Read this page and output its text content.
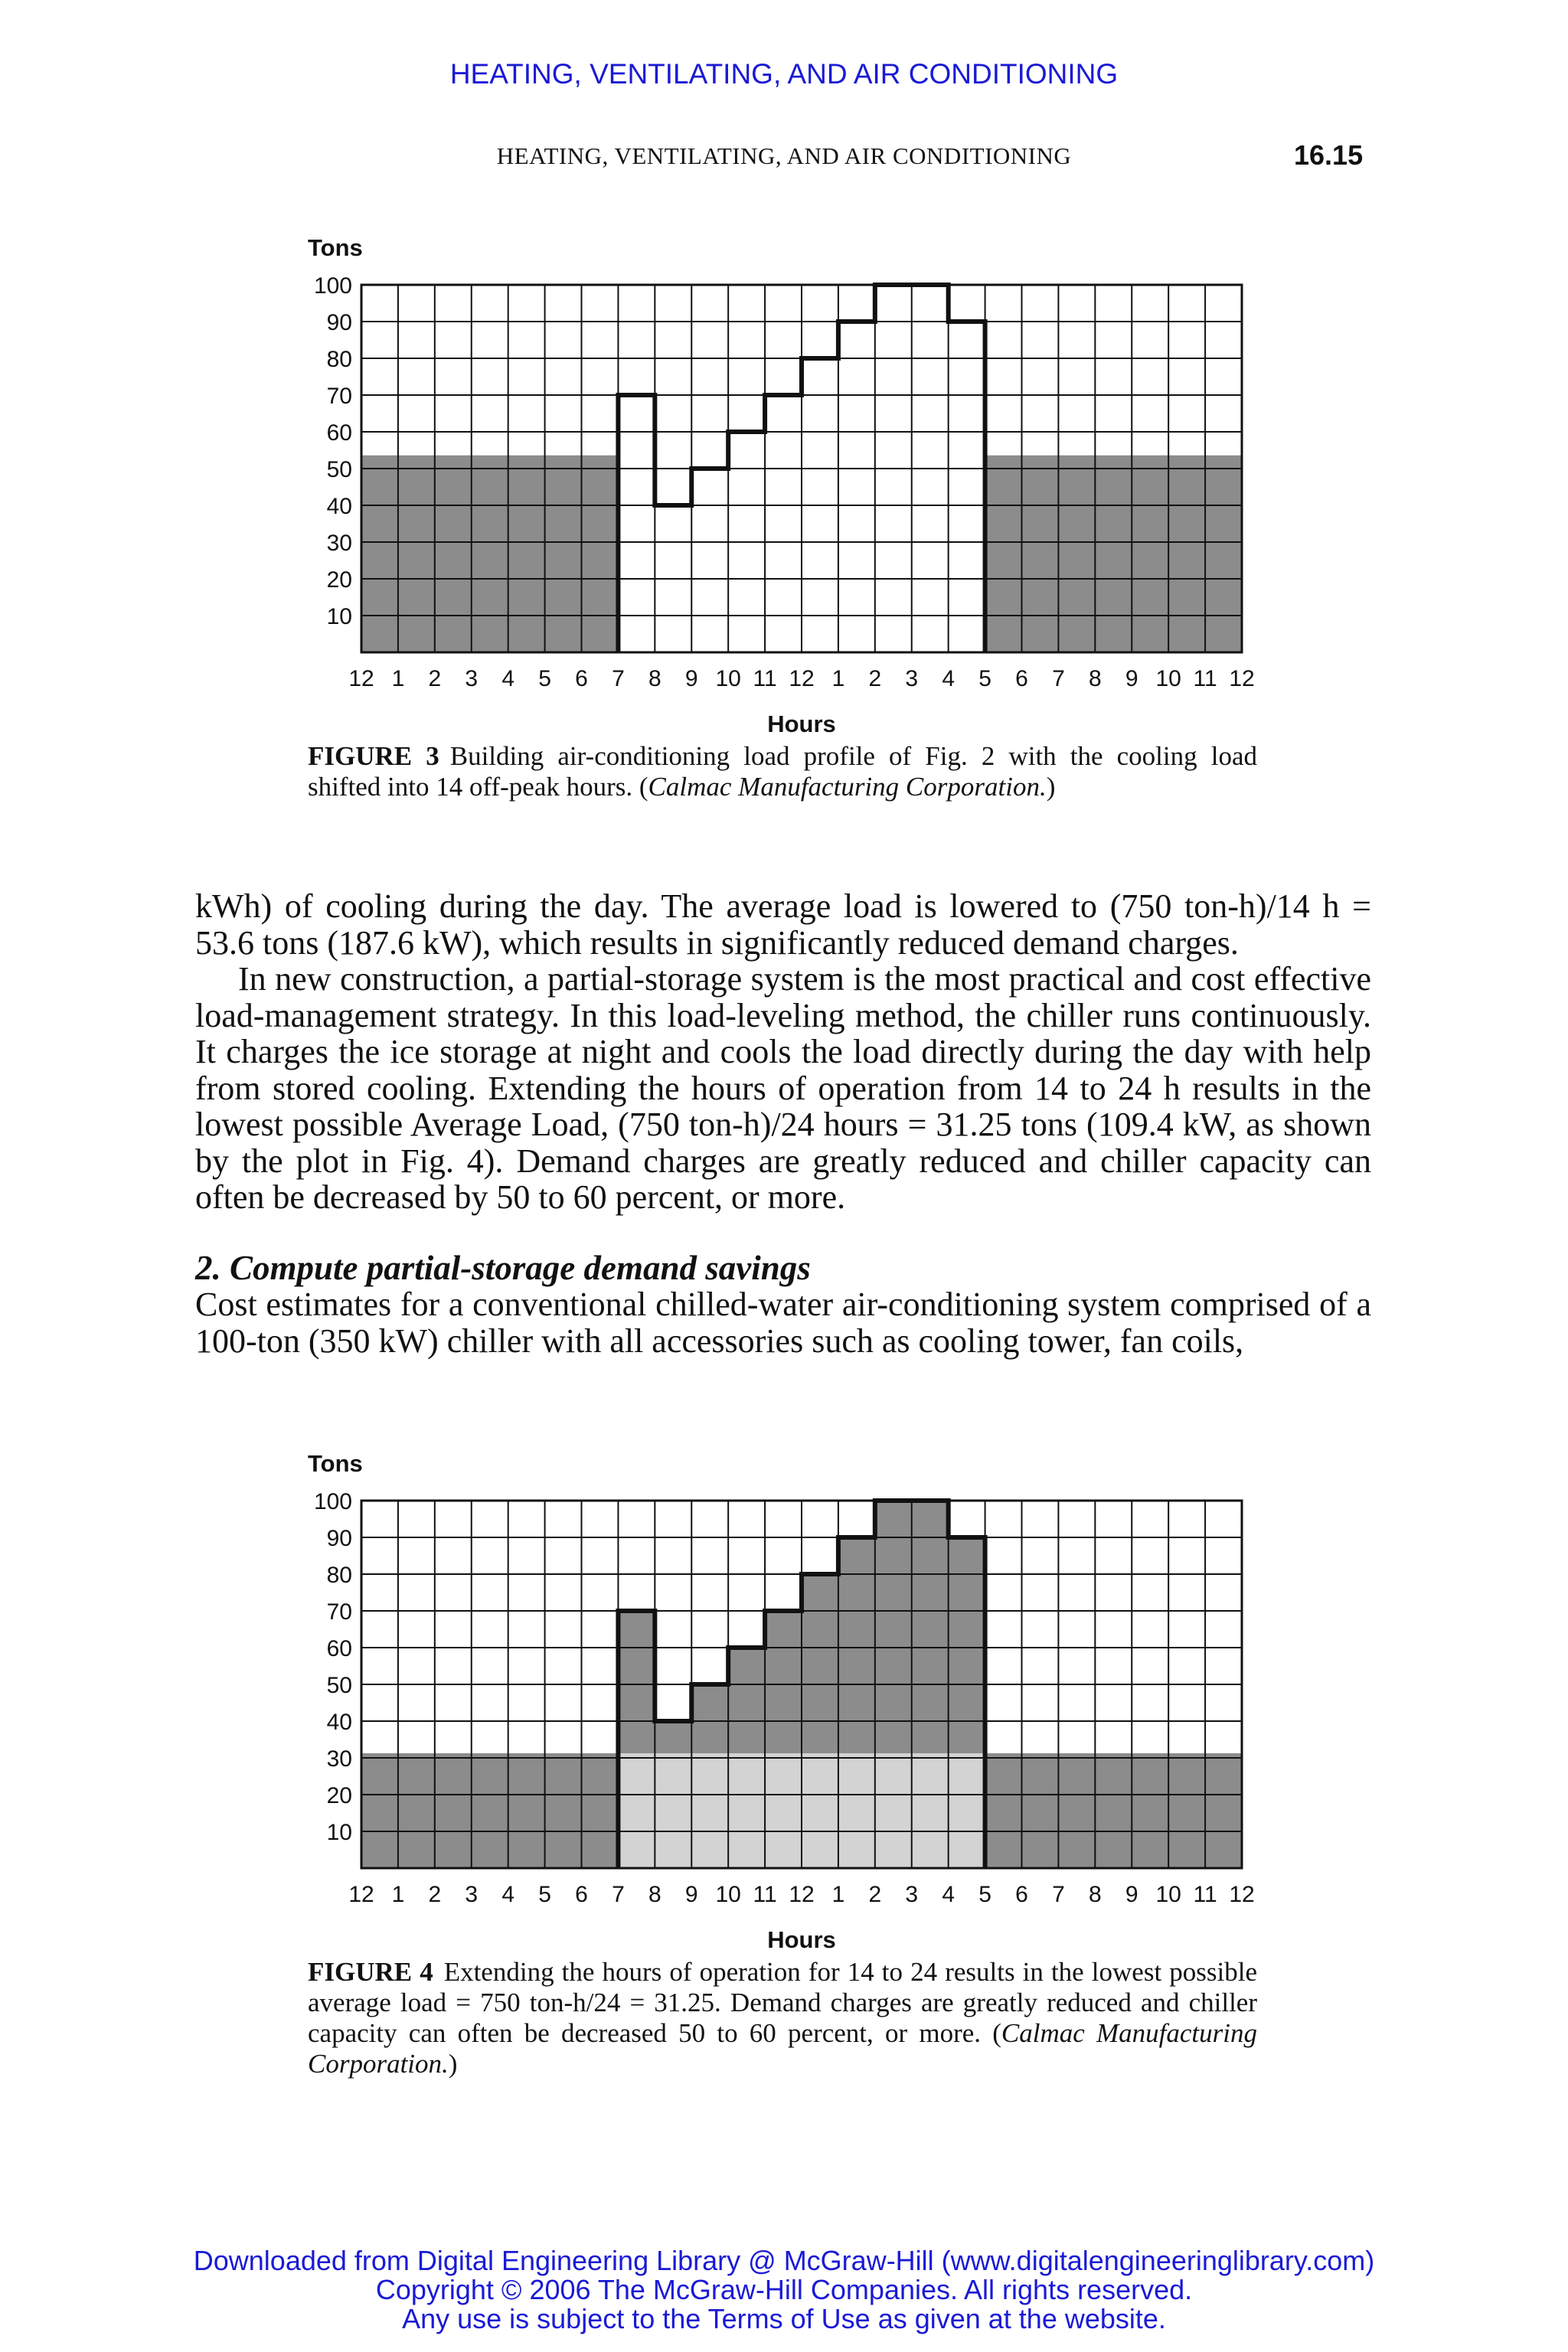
HEATING, VENTILATING, AND AIR CONDITIONING
HEATING, VENTILATING, AND AIR CONDITIONING	16.15
10
20
30
40
50
60
70
80
90
100
12 1 2 3 4 5 6 7 8 9 10 11 12 1 2 3 4 5 6 7 8 9 10 11 12
Tons
Hours
FIGURE 3 Building air-conditioning load profile of Fig. 2 with the cooling load shifted into 14 off-peak hours. (Calmac Manufacturing Corporation.)

kWh) of cooling during the day. The average load is lowered to (750 ton-h)/14 h = 53.6 tons (187.6 kW), which results in significantly reduced demand charges.

In new construction, a partial-storage system is the most practical and cost effective load-management strategy. In this load-leveling method, the chiller runs continuously. It charges the ice storage at night and cools the load directly during the day with help from stored cooling. Extending the hours of operation from 14 to 24 h results in the lowest possible Average Load, (750 ton-h)/24 hours = 31.25 tons (109.4 kW, as shown by the plot in Fig. 4). Demand charges are greatly reduced and chiller capacity can often be decreased by 50 to 60 percent, or more.

2. Compute partial-storage demand savings
Cost estimates for a conventional chilled-water air-conditioning system comprised of a 100-ton (350 kW) chiller with all accessories such as cooling tower, fan coils,
10
20
30
40
50
60
70
80
90
100
12 1 2 3 4 5 6 7 8 9 10 11 12 1 2 3 4 5 6 7 8 9 10 11 12
Tons
Hours
FIGURE 4 Extending the hours of operation for 14 to 24 results in the lowest possible average load = 750 ton-h/24 = 31.25. Demand charges are greatly reduced and chiller capacity can often be decreased 50 to 60 percent, or more. (Calmac Manufacturing Corporation.)
Downloaded from Digital Engineering Library @ McGraw-Hill (www.digitalengineeringlibrary.com)
Copyright © 2006 The McGraw-Hill Companies. All rights reserved.
Any use is subject to the Terms of Use as given at the website.
